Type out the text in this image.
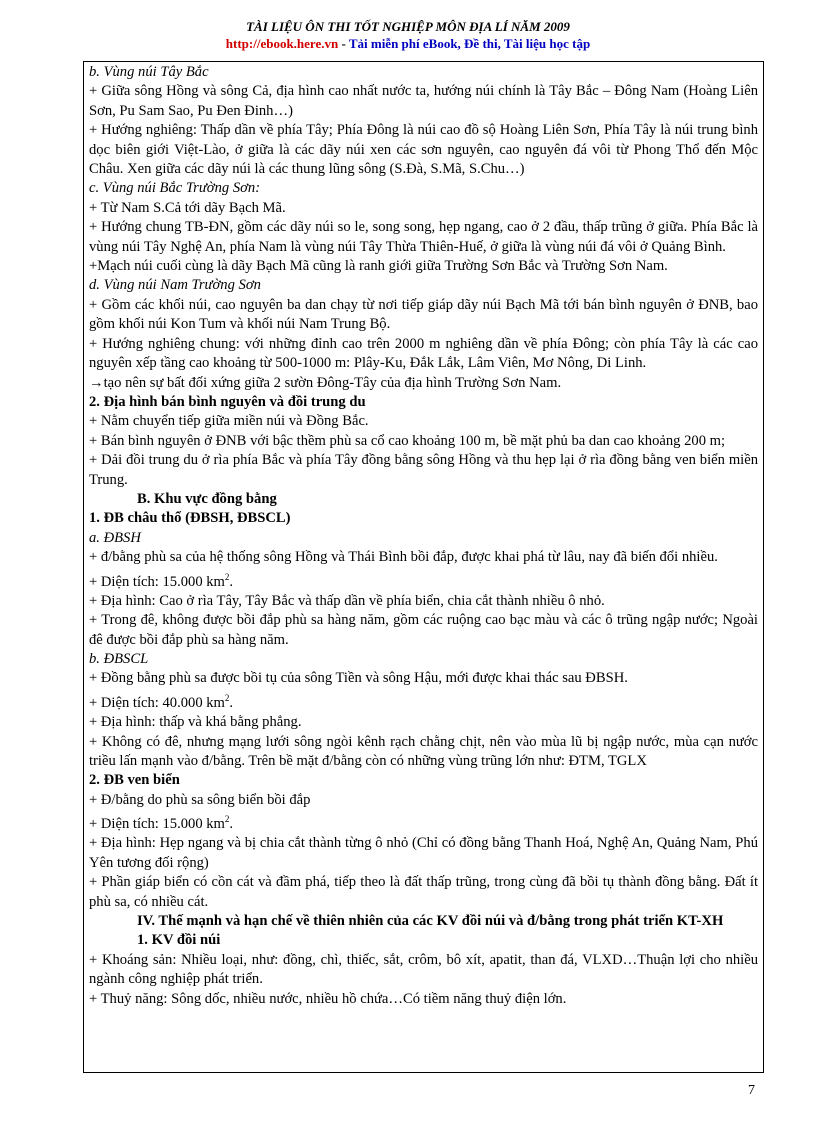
TÀI LIỆU ÔN THI TỐT NGHIỆP MÔN ĐỊA LÍ NĂM 2009
http://ebook.here.vn - Tải miễn phí eBook, Đề thi, Tài liệu học tập

b. Vùng núi Tây Bắc

+ Giữa sông Hồng và sông Cả, địa hình cao nhất nước ta, hướng núi chính là Tây Bắc – Đông Nam (Hoàng Liên Sơn, Pu Sam Sao, Pu Đen Đinh…)

+ Hướng nghiêng: Thấp dần về phía Tây; Phía Đông là núi cao đồ sộ Hoàng Liên Sơn, Phía Tây là núi trung bình dọc biên giới Việt-Lào, ở giữa là các dãy núi xen các sơn nguyên, cao nguyên đá vôi từ Phong Thổ đến Mộc Châu. Xen giữa các dãy núi là các thung lũng sông (S.Đà, S.Mã, S.Chu…)

c. Vùng núi Bắc Trường Sơn:

+ Từ Nam S.Cả tới dãy Bạch Mã.

+ Hướng chung TB-ĐN, gồm các dãy núi so le, song song, hẹp ngang, cao ở 2 đầu, thấp trũng ở giữa. Phía Bắc là vùng núi Tây Nghệ An, phía Nam là vùng núi Tây Thừa Thiên-Huế, ở giữa là vùng núi đá vôi ở Quảng Bình.

+Mạch núi cuối cùng là dãy Bạch Mã cũng là ranh giới giữa Trường Sơn Bắc và Trường Sơn Nam.

d. Vùng núi Nam Trường Sơn

+ Gồm các khối núi, cao nguyên ba dan chạy từ nơi tiếp giáp dãy núi Bạch Mã tới bán bình nguyên ở ĐNB, bao gồm khối núi Kon Tum và khối núi Nam Trung Bộ.

+ Hướng nghiêng chung: với những đỉnh cao trên 2000 m nghiêng dần về phía Đông; còn phía Tây là các cao nguyên xếp tầng cao khoảng từ 500-1000 m: Plây-Ku, Đắk Lắk, Lâm Viên, Mơ Nông, Di Linh.

→tạo nên sự bất đối xứng giữa 2 sườn Đông-Tây của địa hình Trường Sơn Nam.

2. Địa hình bán bình nguyên và đồi trung du

+ Nằm chuyển tiếp giữa miền núi và Đồng Bắc.

+ Bán bình nguyên ở ĐNB với bậc thềm phù sa cổ cao khoảng 100 m, bề mặt phủ ba dan cao khoảng 200 m;

+ Dải đồi trung du ở rìa phía Bắc và phía Tây đồng bằng sông Hồng và thu hẹp lại ở rìa đồng bằng ven biển miền Trung.

B. Khu vực đồng bằng

1. ĐB châu thổ (ĐBSH, ĐBSCL)

a. ĐBSH

+ đ/bằng phù sa của hệ thống sông Hồng và Thái Bình bồi đắp, được khai phá từ lâu, nay đã biến đổi nhiều.

+ Diện tích: 15.000 $km^2$.

+ Địa hình: Cao ở rìa Tây, Tây Bắc và thấp dần về phía biển, chia cắt thành nhiều ô nhỏ.

+ Trong đê, không được bồi đắp phù sa hàng năm, gồm các ruộng cao bạc màu và các ô trũng ngập nước; Ngoài đê được bồi đắp phù sa hàng năm.

b. ĐBSCL

+ Đồng bằng phù sa được bồi tụ của sông Tiền và sông Hậu, mới được khai thác sau ĐBSH.

+ Diện tích: 40.000 $km^2$.

+ Địa hình: thấp và khá bằng phẳng.

+ Không có đê, nhưng mạng lưới sông ngòi kênh rạch chằng chịt, nên vào mùa lũ bị ngập nước, mùa cạn nước triều lấn mạnh vào đ/bằng. Trên bề mặt đ/bằng còn có những vùng trũng lớn như: ĐTM, TGLX

2. ĐB ven biển

+ Đ/bằng do phù sa sông biển bồi đắp

+ Diện tích: 15.000 $km^2$.

+ Địa hình: Hẹp ngang và bị chia cắt thành từng ô nhỏ (Chỉ có đồng bằng Thanh Hoá, Nghệ An, Quảng Nam, Phú Yên tương đối rộng)

+ Phần giáp biển có cồn cát và đầm phá, tiếp theo là đất thấp trũng, trong cùng đã bồi tụ thành đồng bằng. Đất ít phù sa, có nhiều cát.

IV. Thế mạnh và hạn chế về thiên nhiên của các KV đồi núi và đ/bằng trong phát triển KT-XH

1. KV đồi núi

+ Khoáng sản: Nhiều loại, như: đồng, chì, thiếc, sắt, crôm, bô xít, apatit, than đá, VLXD…Thuận lợi cho nhiều ngành công nghiệp phát triển.

+ Thuỷ năng: Sông dốc, nhiều nước, nhiều hồ chứa…Có tiềm năng thuỷ điện lớn.

7
